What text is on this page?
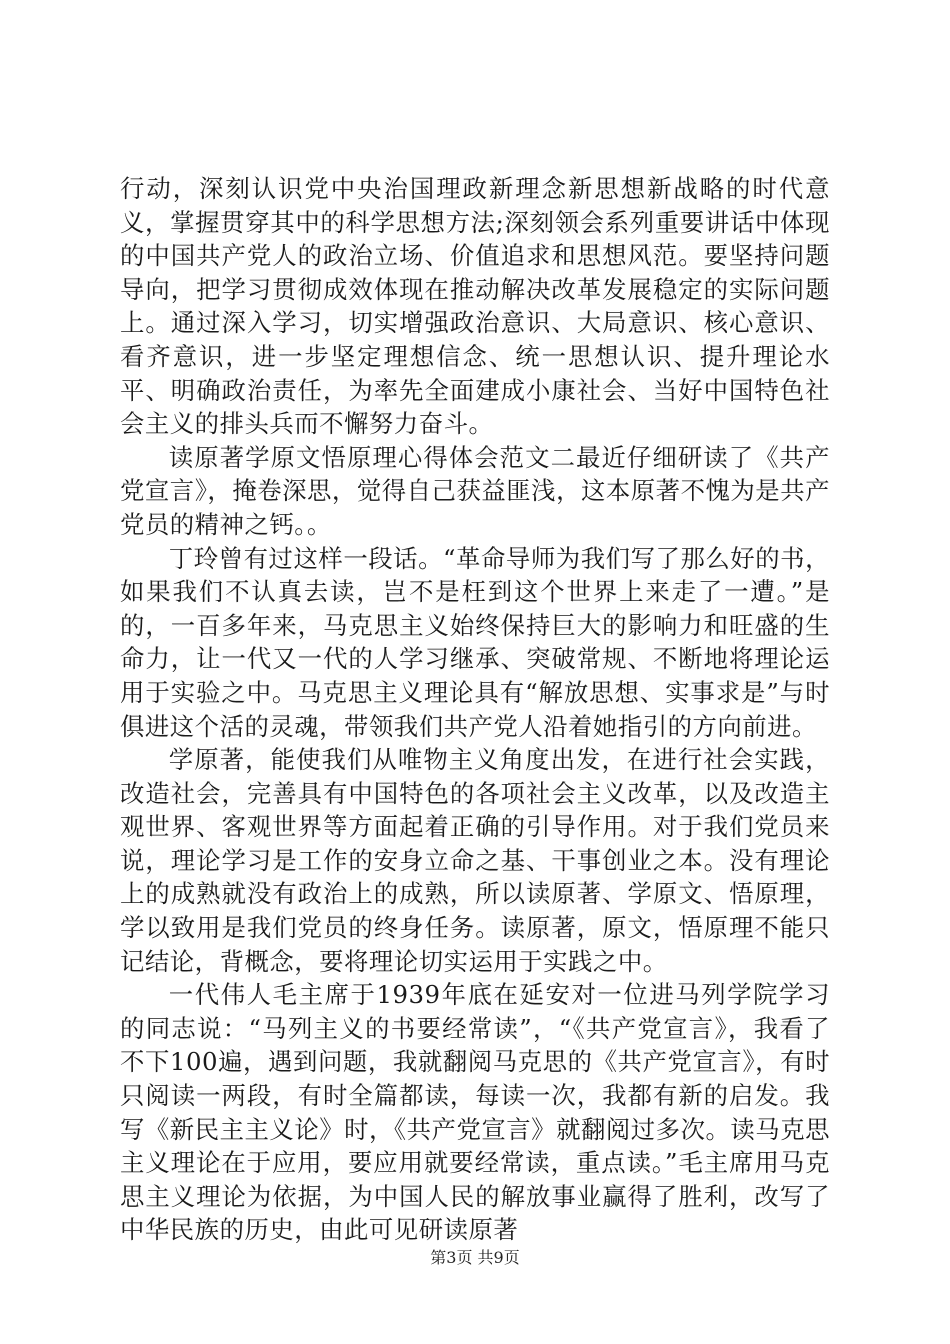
行动，深刻认识党中央治国理政新理念新思想新战略的时代意义，掌握贯穿其中的科学思想方法;深刻领会系列重要讲话中体现的中国共产党人的政治立场、价值追求和思想风范。要坚持问题导向，把学习贯彻成效体现在推动解决改革发展稳定的实际问题上。通过深入学习，切实增强政治意识、大局意识、核心意识、看齐意识，进一步坚定理想信念、统一思想认识、提升理论水平、明确政治责任，为率先全面建成小康社会、当好中国特色社会主义的排头兵而不懈努力奋斗。

读原著学原文悟原理心得体会范文二最近仔细研读了《共产党宣言》，掩卷深思，觉得自己获益匪浅，这本原著不愧为是共产党员的精神之钙。。

丁玲曾有过这样一段话。“革命导师为我们写了那么好的书，如果我们不认真去读，岂不是枉到这个世界上来走了一遭。”是的，一百多年来，马克思主义始终保持巨大的影响力和旺盛的生命力，让一代又一代的人学习继承、突破常规、不断地将理论运用于实验之中。马克思主义理论具有“解放思想、实事求是”与时俱进这个活的灵魂，带领我们共产党人沿着她指引的方向前进。

学原著，能使我们从唯物主义角度出发，在进行社会实践，改造社会，完善具有中国特色的各项社会主义改革，以及改造主观世界、客观世界等方面起着正确的引导作用。对于我们党员来说，理论学习是工作的安身立命之基、干事创业之本。没有理论上的成熟就没有政治上的成熟，所以读原著、学原文、悟原理，学以致用是我们党员的终身任务。读原著，原文，悟原理不能只记结论，背概念，要将理论切实运用于实践之中。

一代伟人毛主席于1939年底在延安对一位进马列学院学习的同志说：“马列主义的书要经常读”，“《共产党宣言》，我看了不下100遍，遇到问题，我就翻阅马克思的《共产党宣言》，有时只阅读一两段，有时全篇都读，每读一次，我都有新的启发。我写《新民主主义论》时，《共产党宣言》就翻阅过多次。读马克思主义理论在于应用，要应用就要经常读，重点读。”毛主席用马克思主义理论为依据，为中国人民的解放事业赢得了胜利，改写了中华民族的历史，由此可见研读原著

第3页 共9页
